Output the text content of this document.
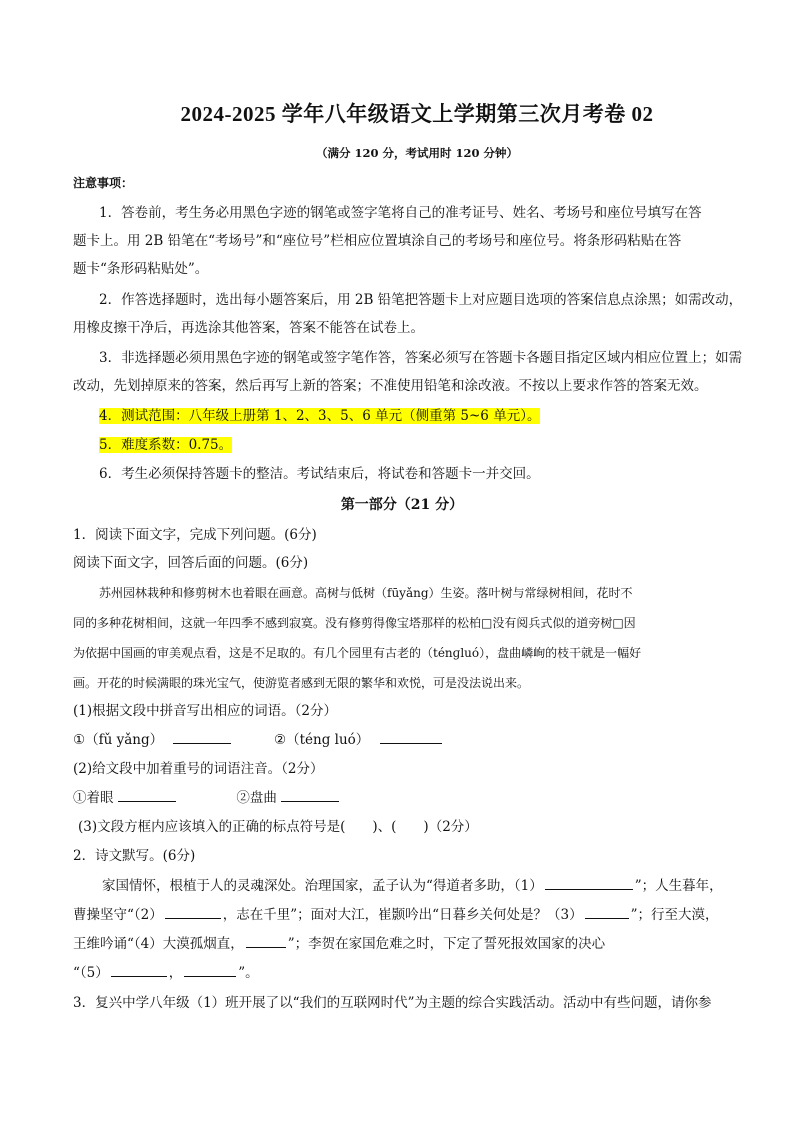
2024-2025 学年八年级语文上学期第三次月考卷 02
（满分 120 分，考试用时 120 分钟）
注意事项：
1．答卷前，考生务必用黑色字迹的钢笔或签字笔将自己的准考证号、姓名、考场号和座位号填写在答
题卡上。用 2B 铅笔在“考场号”和“座位号”栏相应位置填涂自己的考场号和座位号。将条形码粘贴在答
题卡“条形码粘贴处”。
2．作答选择题时，选出每小题答案后，用 2B 铅笔把答题卡上对应题目选项的答案信息点涂黑；如需改动，
用橡皮擦干净后，再选涂其他答案，答案不能答在试卷上。
3．非选择题必须用黑色字迹的钢笔或签字笔作答，答案必须写在答题卡各题目指定区域内相应位置上；如需
改动，先划掉原来的答案，然后再写上新的答案；不准使用铅笔和涂改液。不按以上要求作答的答案无效。
4．测试范围：八年级上册第 1、2、3、5、6 单元（侧重第 5~6 单元）。
5．难度系数：0.75。
6．考生必须保持答题卡的整洁。考试结束后，将试卷和答题卡一并交回。
第一部分（21 分）
1．阅读下面文字，完成下列问题。(6分)
阅读下面文字，回答后面的问题。(6分)
苏州园林栽种和修剪树木也着眼在画意。高树与低树（fūyǎng）生姿。落叶树与常绿树相间，花时不
同的多种花树相间，这就一年四季不感到寂寞。没有修剪得像宝塔那样的松柏□没有阅兵式似的道旁树□因
为依据中国画的审美观点看，这是不足取的。有几个园里有古老的（ténɡluó），盘曲嶙峋的枝干就是一幅好
画。开花的时候满眼的珠光宝气，使游览者感到无限的繁华和欢悦，可是没法说出来。
(1)根据文段中拼音写出相应的词语。（2分）
①（fǔ yǎng）	②（téng luó）
(2)给文段中加着重号的词语注音。（2分）
①着眼	②盘曲
(3)文段方框内应该填入的正确的标点符号是(　　)、(　　)（2分）
2．诗文默写。(6分)
家国情怀，根植于人的灵魂深处。治理国家，孟子认为“得道者多助，（1）	”；人生暮年，
曹操坚守“（2）	，志在千里”；面对大江，崔颢吟出“日暮乡关何处是？（3）	”；行至大漠，
王维吟诵“（4）大漠孤烟直，	”；李贺在家国危难之时，下定了誓死报效国家的决心
“（5）	，	”。
3．复兴中学八年级（1）班开展了以“我们的互联网时代”为主题的综合实践活动。活动中有些问题，请你参
